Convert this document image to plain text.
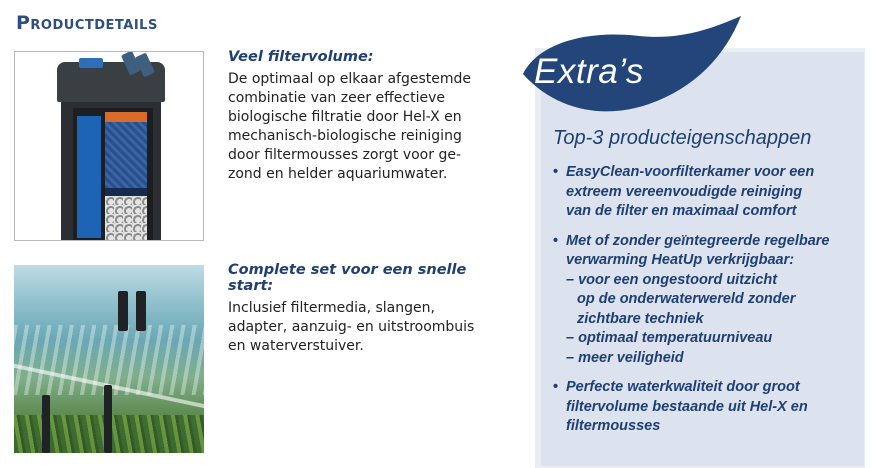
Productdetails
Veel filtervolume:
De optimaal op elkaar afgestemde
combinatie van zeer effectieve
biologische filtratie door Hel-X en
mechanisch-biologische reiniging
door filtermousses zorgt voor ge-
zond en helder aquariumwater.
Complete set voor een snelle start:
Inclusief filtermedia, slangen,
adapter, aanzuig- en uitstroombuis
en waterverstuiver.
Extra’s
Top-3 producteigenschappen
• EasyClean-voorfilterkamer voor een
extreem vereenvoudigde reiniging
van de filter en maximaal comfort
• Met of zonder geïntegreerde regelbare
verwarming HeatUp verkrijgbaar:
– voor een ongestoord uitzicht
op de onderwaterwereld zonder
zichtbare techniek
– optimaal temperatuurniveau
– meer veiligheid
• Perfecte waterkwaliteit door groot
filtervolume bestaande uit Hel-X en
filtermousses
